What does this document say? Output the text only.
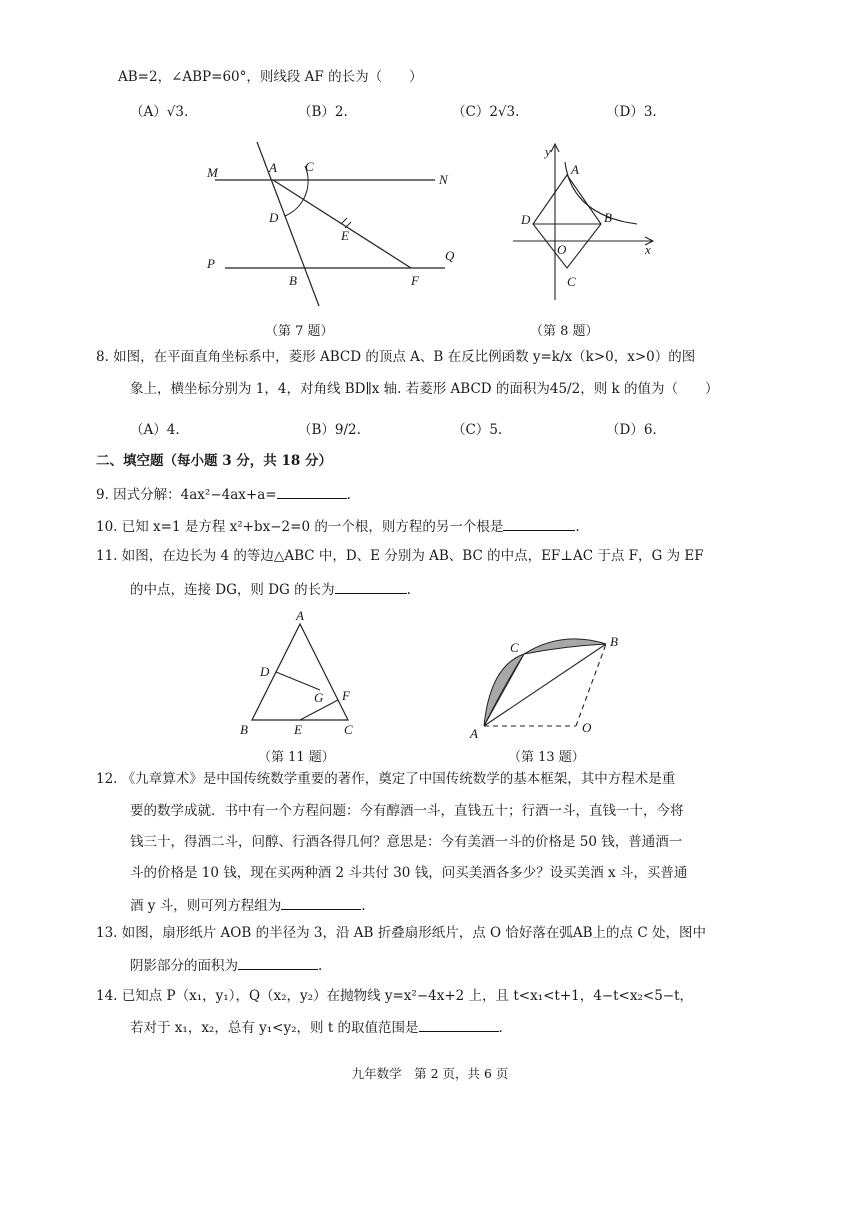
AB=2，∠ABP=60°，则线段 AF 的长为（　　）
（A）√3.	（B）2.	（C）2√3.	（D）3.
M	A C
N
D
E
P
B	F
Q
（第 7 题）
y
A
D	B
O	x
C
（第 8 题）
8. 如图，在平面直角坐标系中，菱形 ABCD 的顶点 A、B 在反比例函数 y=k/x（k>0，x>0）的图
象上，横坐标分别为 1，4，对角线 BD∥x 轴. 若菱形 ABCD 的面积为45/2，则 k 的值为（　　）
（A）4.	（B）9/2.	（C）5.	（D）6.
二、填空题（每小题 3 分，共 18 分）
9. 因式分解：4ax²−4ax+a=	.
10. 已知 x=1 是方程 x²+bx−2=0 的一个根，则方程的另一个根是	.
11. 如图，在边长为 4 的等边△ABC 中，D、E 分别为 AB、BC 的中点，EF⊥AC 于点 F，G 为 EF
的中点，连接 DG，则 DG 的长为	.
A
D
G F
B	E	C
（第 11 题）
C	B
A	O
（第 13 题）
12. 《九章算术》是中国传统数学重要的著作，奠定了中国传统数学的基本框架，其中方程术是重
要的数学成就．书中有一个方程问题：今有醇酒一斗，直钱五十；行酒一斗，直钱一十，今将
钱三十，得酒二斗，问醇、行酒各得几何？意思是：今有美酒一斗的价格是 50 钱，普通酒一
斗的价格是 10 钱，现在买两种酒 2 斗共付 30 钱，问买美酒各多少？设买美酒 x 斗，买普通
酒 y 斗，则可列方程组为	.
13. 如图，扇形纸片 AOB 的半径为 3，沿 AB 折叠扇形纸片，点 O 恰好落在弧AB上的点 C 处，图中
阴影部分的面积为	.
14. 已知点 P（x₁，y₁），Q（x₂，y₂）在抛物线 y=x²−4x+2 上，且 t<x₁<t+1，4−t<x₂<5−t，
若对于 x₁，x₂，总有 y₁<y₂，则 t 的取值范围是	.
九年数学　第 2 页，共 6 页
